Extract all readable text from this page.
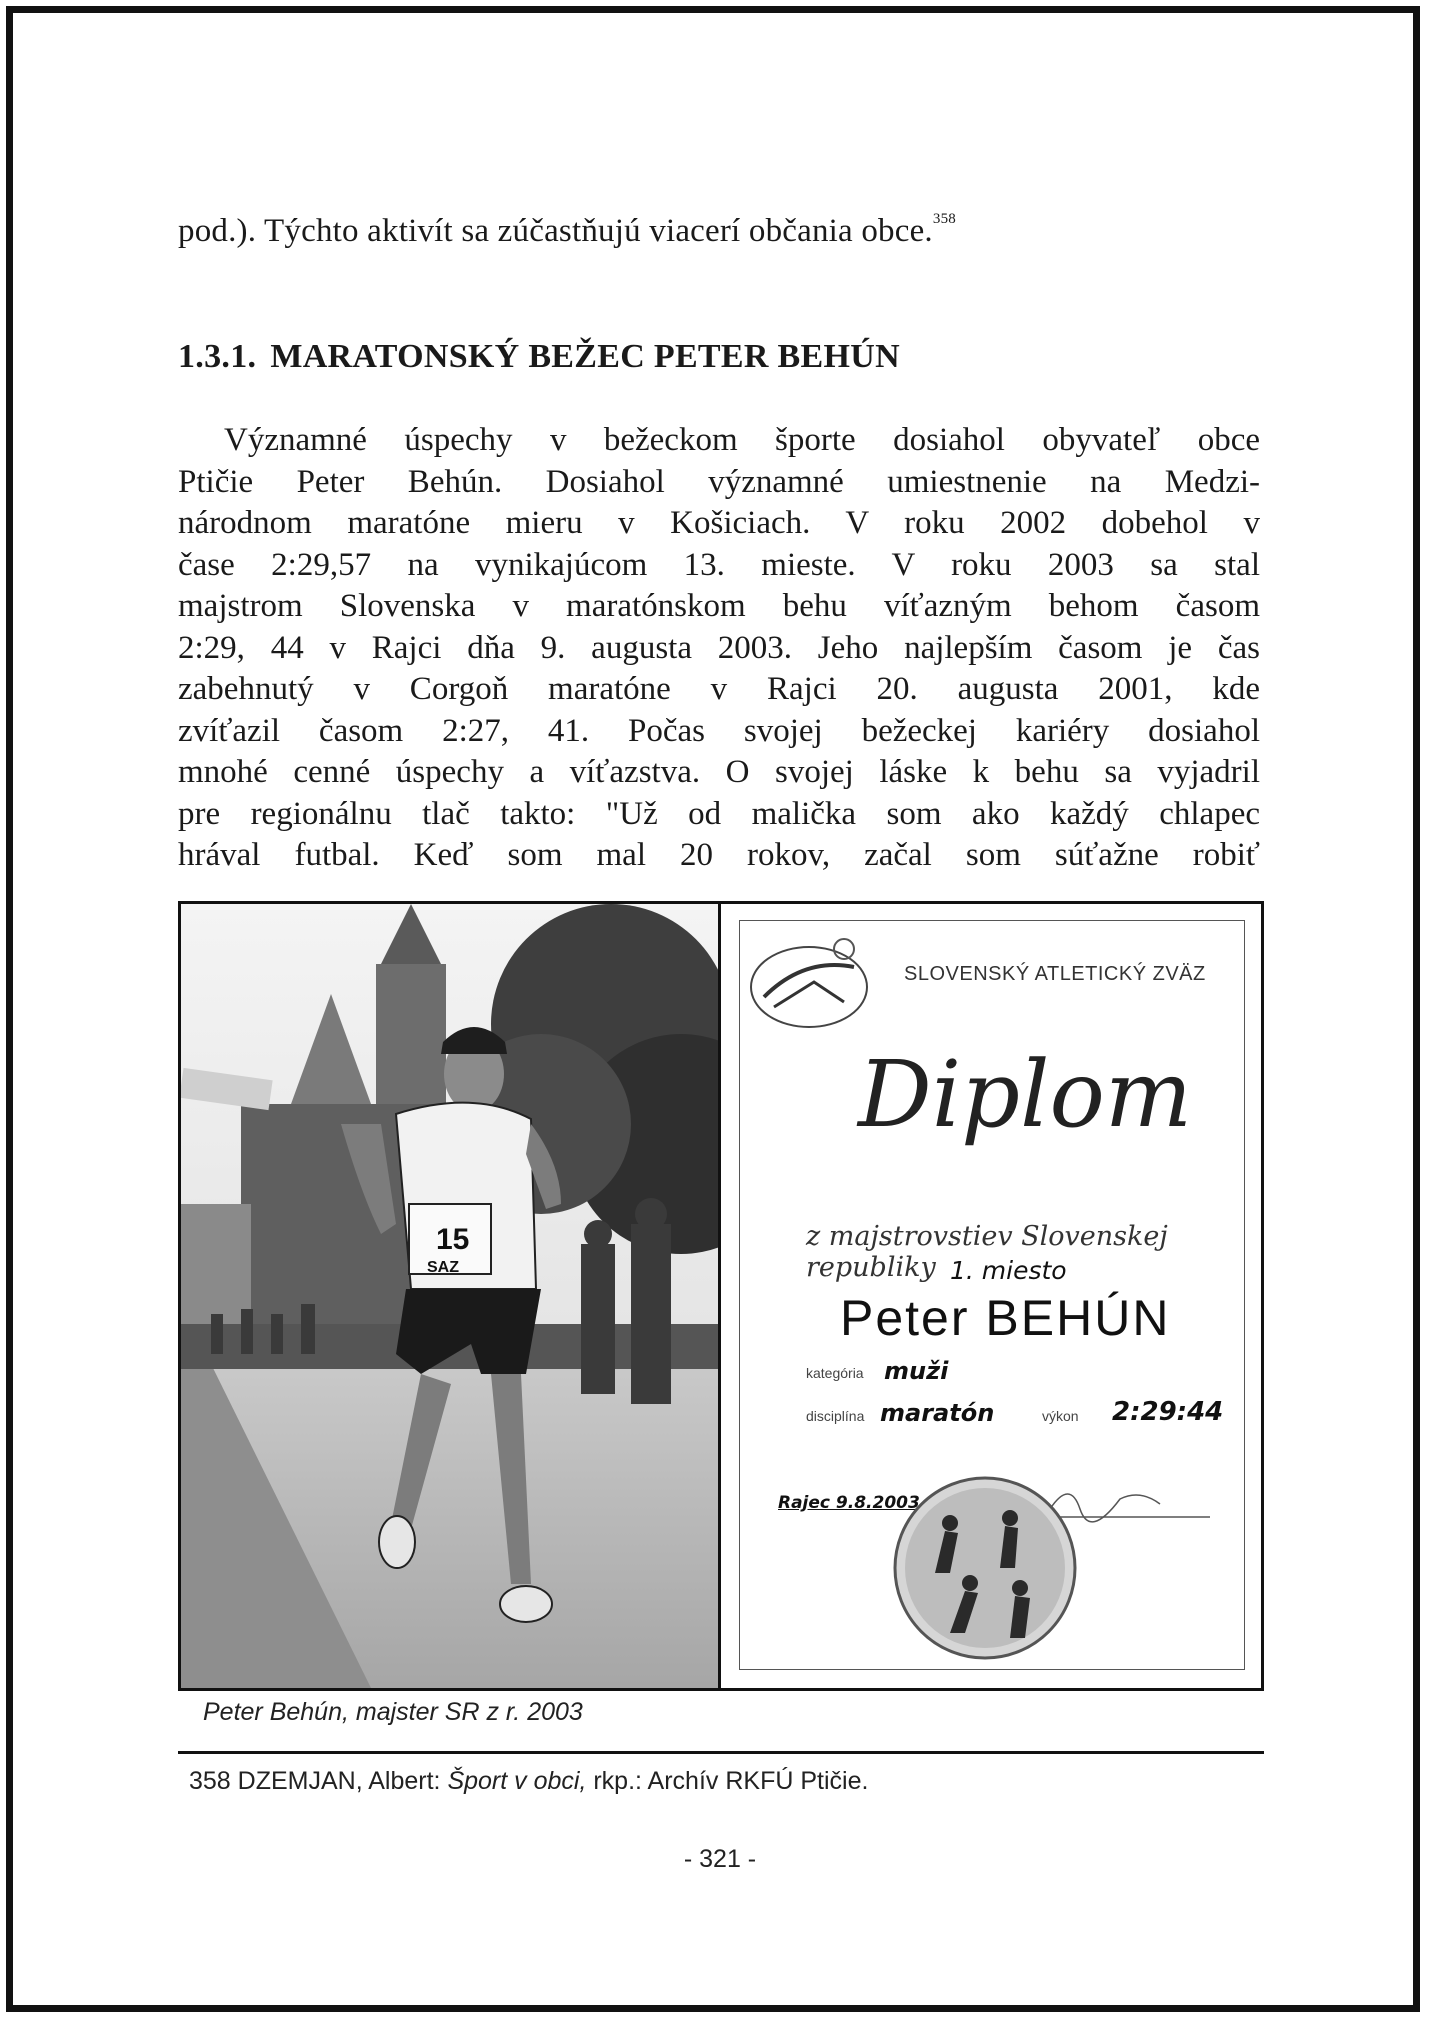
pod.). Týchto aktivít sa zúčastňujú viacerí občania obce.$^{358}$
1.3.1. MARATONSKÝ BEŽEC PETER BEHÚN
Významné úspechy v bežeckom športe dosiahol obyvateľ obce
Ptičie Peter Behún. Dosiahol významné umiestnenie na Medzi-
národnom maratóne mieru v Košiciach. V roku 2002 dobehol v
čase 2:29,57 na vynikajúcom 13. mieste. V roku 2003 sa stal
majstrom Slovenska v maratónskom behu víťazným behom časom
2:29, 44 v Rajci dňa 9. augusta 2003. Jeho najlepším časom je čas
zabehnutý v Corgoň maratóne v Rajci 20. augusta 2001, kde
zvíťazil časom 2:27, 41. Počas svojej bežeckej kariéry dosiahol
mnohé cenné úspechy a víťazstva. O svojej láske k behu sa vyjadril
pre regionálnu tlač takto: "Už od malička som ako každý chlapec
hrával futbal. Keď som mal 20 rokov, začal som súťažne robiť
15
SAZ
SLOVENSKÝ ATLETICKÝ ZVÄZ
Diplom
z majstrovstiev Slovenskej republiky 1. miesto
Peter BEHÚN
kategória muži
disciplína maratón	výkon 2:29:44
Rajec 9.8.2003
Peter Behún, majster SR z r. 2003
358 DZEMJAN, Albert: Šport v obci, rkp.: Archív RKFÚ Ptičie.
- 321 -
